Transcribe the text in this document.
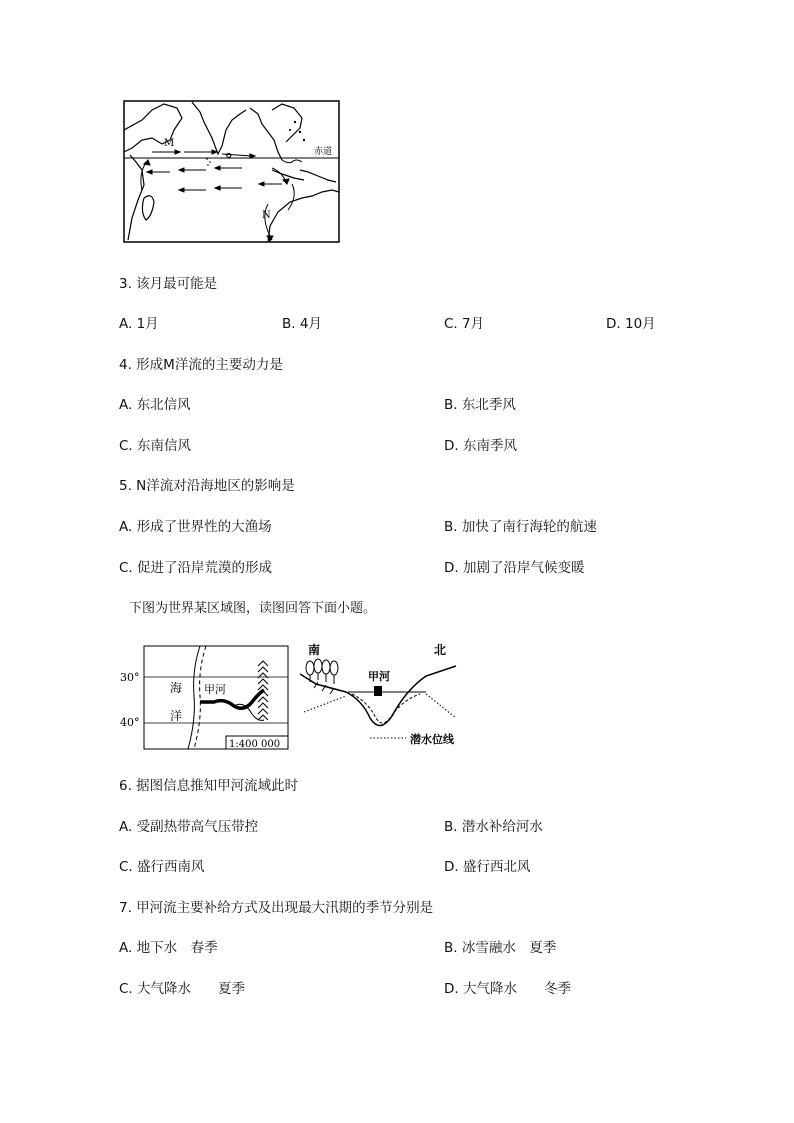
赤道
M
N
3. 该月最可能是
A. 1月	B. 4月	C. 7月	D. 10月
4. 形成M洋流的主要动力是
A. 东北信风	B. 东北季风
C. 东南信风	D. 东南季风
5. N洋流对沿海地区的影响是
A. 形成了世界性的大渔场	B. 加快了南行海轮的航速
C. 促进了沿岸荒漠的形成	D. 加剧了沿岸气候变暖
下图为世界某区域图，读图回答下面小题。
30°
40°
海
洋
甲河
1:400 000
南	北
甲河
潜水位线
6. 据图信息推知甲河流域此时
A. 受副热带高气压带控	B. 潜水补给河水
C. 盛行西南风	D. 盛行西北风
7. 甲河流主要补给方式及出现最大汛期的季节分别是
A. 地下水　春季	B. 冰雪融水　夏季
C. 大气降水　　夏季	D. 大气降水　　冬季
